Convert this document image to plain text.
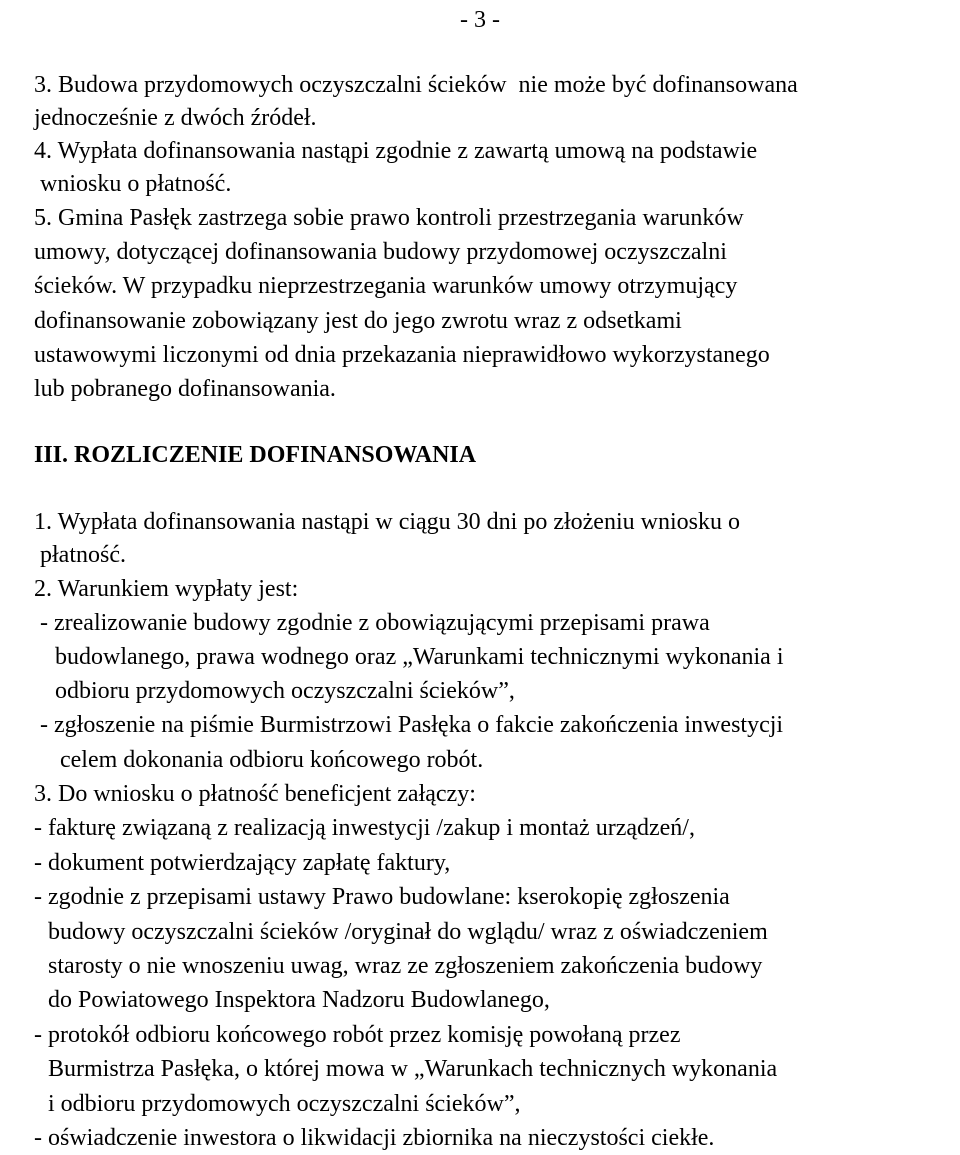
- 3 -
3. Budowa przydomowych oczyszczalni ścieków  nie może być dofinansowana
jednocześnie z dwóch źródeł.
4. Wypłata dofinansowania nastąpi zgodnie z zawartą umową na podstawie
wniosku o płatność.
5. Gmina Pasłęk zastrzega sobie prawo kontroli przestrzegania warunków
umowy, dotyczącej dofinansowania budowy przydomowej oczyszczalni
ścieków. W przypadku nieprzestrzegania warunków umowy otrzymujący
dofinansowanie zobowiązany jest do jego zwrotu wraz z odsetkami
ustawowymi liczonymi od dnia przekazania nieprawidłowo wykorzystanego
lub pobranego dofinansowania.
III. ROZLICZENIE DOFINANSOWANIA
1. Wypłata dofinansowania nastąpi w ciągu 30 dni po złożeniu wniosku o
płatność.
2. Warunkiem wypłaty jest:
- zrealizowanie budowy zgodnie z obowiązującymi przepisami prawa
budowlanego, prawa wodnego oraz „Warunkami technicznymi wykonania i
odbioru przydomowych oczyszczalni ścieków”,
- zgłoszenie na piśmie Burmistrzowi Pasłęka o fakcie zakończenia inwestycji
celem dokonania odbioru końcowego robót.
3. Do wniosku o płatność beneficjent załączy:
- fakturę związaną z realizacją inwestycji /zakup i montaż urządzeń/,
- dokument potwierdzający zapłatę faktury,
- zgodnie z przepisami ustawy Prawo budowlane: kserokopię zgłoszenia
budowy oczyszczalni ścieków /oryginał do wglądu/ wraz z oświadczeniem
starosty o nie wnoszeniu uwag, wraz ze zgłoszeniem zakończenia budowy
do Powiatowego Inspektora Nadzoru Budowlanego,
- protokół odbioru końcowego robót przez komisję powołaną przez
Burmistrza Pasłęka, o której mowa w „Warunkach technicznych wykonania
i odbioru przydomowych oczyszczalni ścieków”,
- oświadczenie inwestora o likwidacji zbiornika na nieczystości ciekłe.
